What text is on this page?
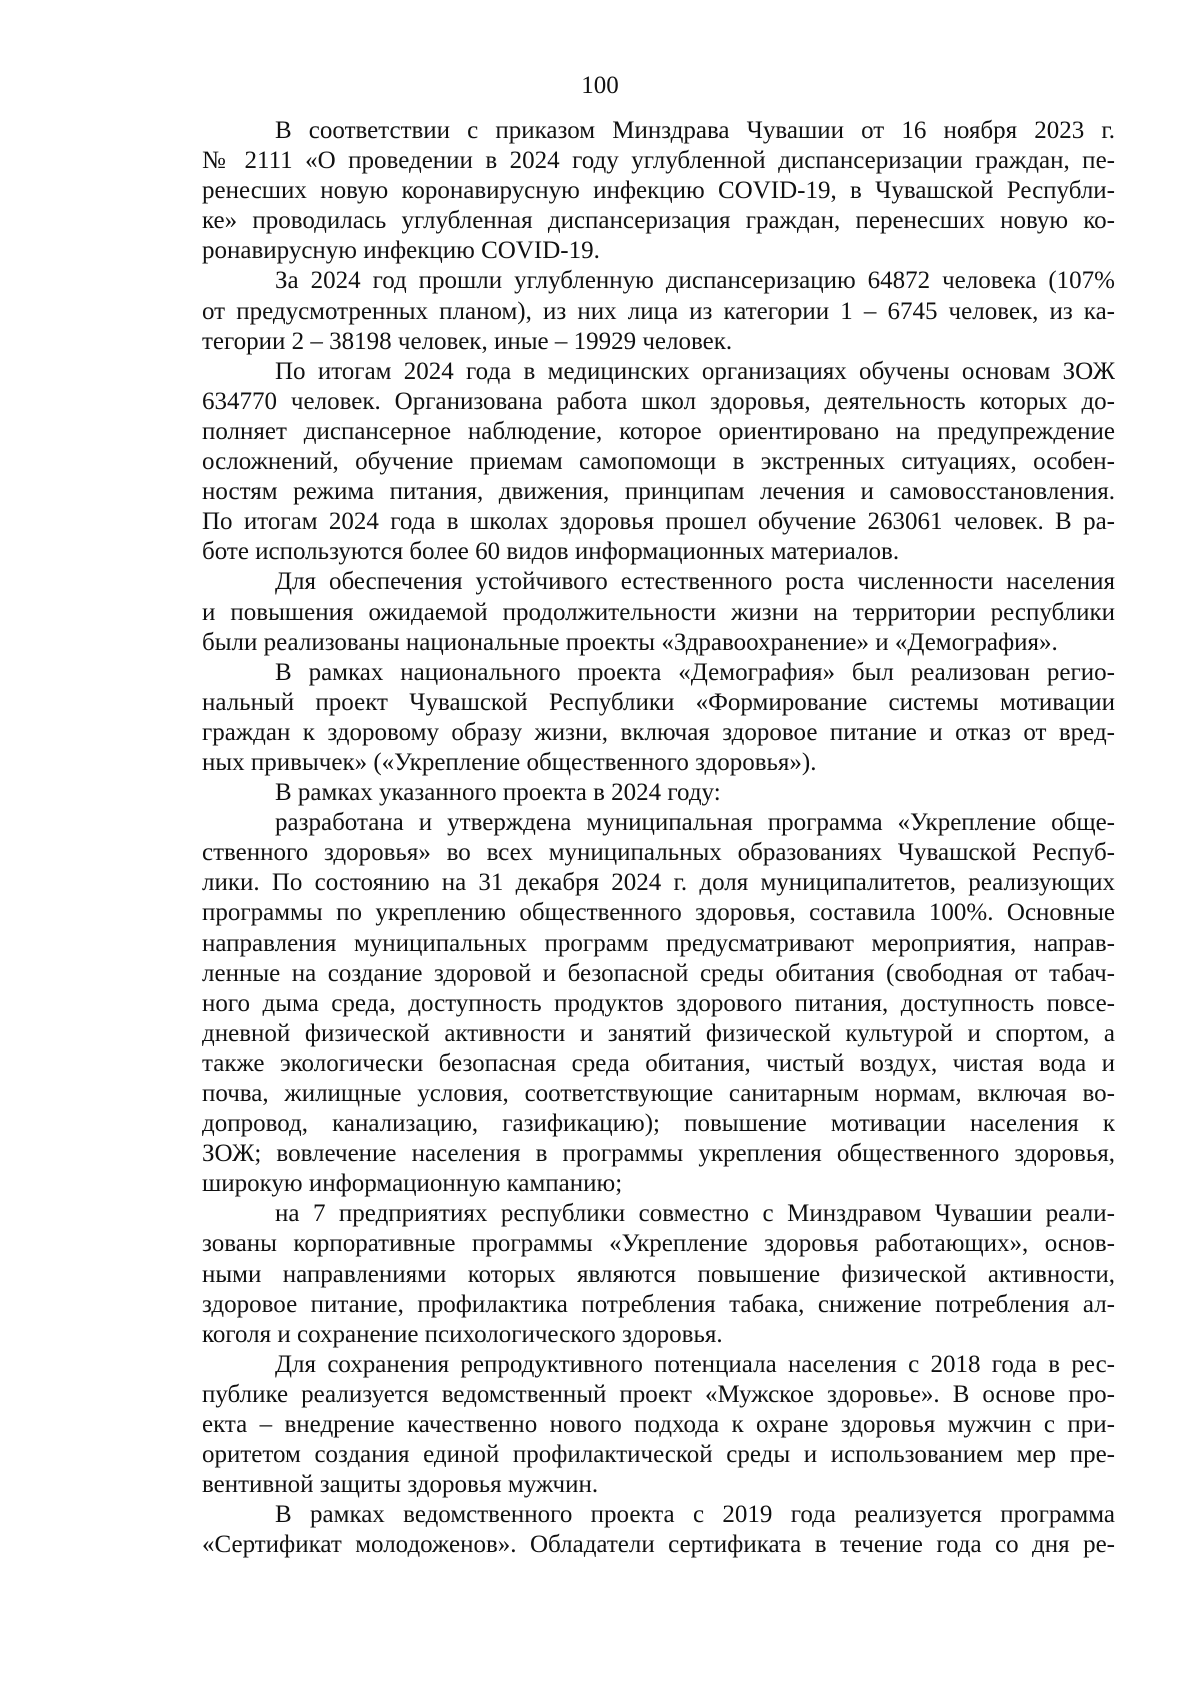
100
В соответствии с приказом Минздрава Чувашии от 16 ноября 2023 г.
№ 2111 «О проведении в 2024 году углубленной диспансеризации граждан, пе-
ренесших новую коронавирусную инфекцию COVID-19, в Чувашской Республи-
ке» проводилась углубленная диспансеризация граждан, перенесших новую ко-
ронавирусную инфекцию COVID-19.
За 2024 год прошли углубленную диспансеризацию 64872 человека (107%
от предусмотренных планом), из них лица из категории 1 – 6745 человек, из ка-
тегории 2 – 38198 человек, иные – 19929 человек.
По итогам 2024 года в медицинских организациях обучены основам ЗОЖ
634770 человек. Организована работа школ здоровья, деятельность которых до-
полняет диспансерное наблюдение, которое ориентировано на предупреждение
осложнений, обучение приемам самопомощи в экстренных ситуациях, особен-
ностям режима питания, движения, принципам лечения и самовосстановления.
По итогам 2024 года в школах здоровья прошел обучение 263061 человек. В ра-
боте используются более 60 видов информационных материалов.
Для обеспечения устойчивого естественного роста численности населения
и повышения ожидаемой продолжительности жизни на территории республики
были реализованы национальные проекты «Здравоохранение» и «Демография».
В рамках национального проекта «Демография» был реализован регио-
нальный проект Чувашской Республики «Формирование системы мотивации
граждан к здоровому образу жизни, включая здоровое питание и отказ от вред-
ных привычек» («Укрепление общественного здоровья»).
В рамках указанного проекта в 2024 году:
разработана и утверждена муниципальная программа «Укрепление обще-
ственного здоровья» во всех муниципальных образованиях Чувашской Респуб-
лики. По состоянию на 31 декабря 2024 г. доля муниципалитетов, реализующих
программы по укреплению общественного здоровья, составила 100%. Основные
направления муниципальных программ предусматривают мероприятия, направ-
ленные на создание здоровой и безопасной среды обитания (свободная от табач-
ного дыма среда, доступность продуктов здорового питания, доступность повсе-
дневной физической активности и занятий физической культурой и спортом, а
также экологически безопасная среда обитания, чистый воздух, чистая вода и
почва, жилищные условия, соответствующие санитарным нормам, включая во-
допровод, канализацию, газификацию); повышение мотивации населения к
ЗОЖ; вовлечение населения в программы укрепления общественного здоровья,
широкую информационную кампанию;
на 7 предприятиях республики совместно с Минздравом Чувашии реали-
зованы корпоративные программы «Укрепление здоровья работающих», основ-
ными направлениями которых являются повышение физической активности,
здоровое питание, профилактика потребления табака, снижение потребления ал-
коголя и сохранение психологического здоровья.
Для сохранения репродуктивного потенциала населения с 2018 года в рес-
публике реализуется ведомственный проект «Мужское здоровье». В основе про-
екта – внедрение качественно нового подхода к охране здоровья мужчин с при-
оритетом создания единой профилактической среды и использованием мер пре-
вентивной защиты здоровья мужчин.
В рамках ведомственного проекта с 2019 года реализуется программа
«Сертификат молодоженов». Обладатели сертификата в течение года со дня ре-
